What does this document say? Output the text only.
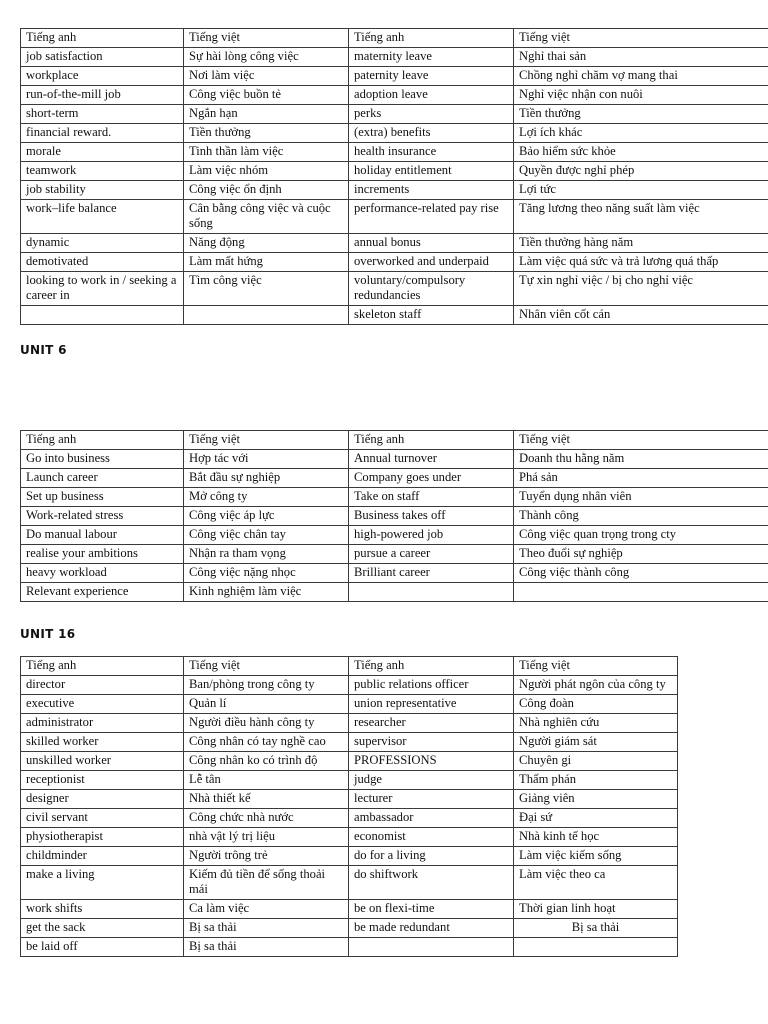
Tiếng anh	Tiếng việt	Tiếng anh	Tiếng việt
job satisfaction	Sự hài lòng công việc	maternity leave	Nghỉ thai sản
workplace	Nơi làm việc	paternity leave	Chồng nghỉ chăm vợ mang thai
run-of-the-mill job	Công việc buồn tẻ	adoption leave	Nghỉ việc nhận con nuôi
short-term	Ngắn hạn	perks	Tiền thưởng
financial reward.	Tiền thưởng	(extra) benefits	Lợi ích khác
morale	Tinh thần làm việc	health insurance	Bảo hiểm sức khỏe
teamwork	Làm việc nhóm	holiday entitlement	Quyền được nghỉ phép
job stability	Công việc ổn định	increments	Lợi tức
work–life balance	Cân bằng công việc và cuộc sống	performance-related pay rise	Tăng lương theo năng suất làm việc
dynamic	Năng động	annual bonus	Tiền thưởng hàng năm
demotivated	Làm mất hứng	overworked and underpaid	Làm việc quá sức và trả lương quá thấp
looking to work in / seeking a career in	Tìm công việc	voluntary/compulsory redundancies	Tự xin nghỉ việc / bị cho nghỉ việc
		skeleton staff	Nhân viên cốt cán
UNIT 6
Tiếng anh	Tiếng việt	Tiếng anh	Tiếng việt
Go into business	Hợp tác với	Annual turnover	Doanh thu hằng năm
Launch career	Bắt đầu sự nghiệp	Company goes under	Phá sản
Set up business	Mở công ty	Take on staff	Tuyển dụng nhân viên
Work-related stress	Công việc áp lực	Business takes off	Thành công
Do manual labour	Công việc chân tay	high-powered job	Công việc quan trọng trong cty
realise your ambitions	Nhận ra tham vọng	pursue a career	Theo đuổi sự nghiệp
heavy workload	Công việc nặng nhọc	Brilliant career	Công việc thành công
Relevant experience	Kinh nghiệm làm việc		
UNIT 16
Tiếng anh	Tiếng việt	Tiếng anh	Tiếng việt
director	Ban/phòng trong công ty	public relations officer	Người phát ngôn của công ty
executive	Quản lí	union representative	Công đoàn
administrator	Người điều hành công ty	researcher	Nhà nghiên cứu
skilled worker	Công nhân có tay nghề cao	supervisor	Người giám sát
unskilled worker	Công nhân ko có trình độ	PROFESSIONS	Chuyên gi
receptionist	Lễ tân	judge	Thẩm phán
designer	Nhà thiết kế	lecturer	Giảng viên
civil servant	Công chức nhà nước	ambassador	Đại sứ
physiotherapist	nhà vật lý trị liệu	economist	Nhà kinh tế học
childminder	Người trông trẻ	do for a living	Làm việc kiếm sống
make a living	Kiếm đủ tiền để sống thoải mái	do shiftwork	Làm việc theo ca
work shifts	Ca làm việc	be on flexi-time	Thời gian linh hoạt
get the sack	Bị sa thải	be made redundant	Bị sa thải
be laid off	Bị sa thải		
